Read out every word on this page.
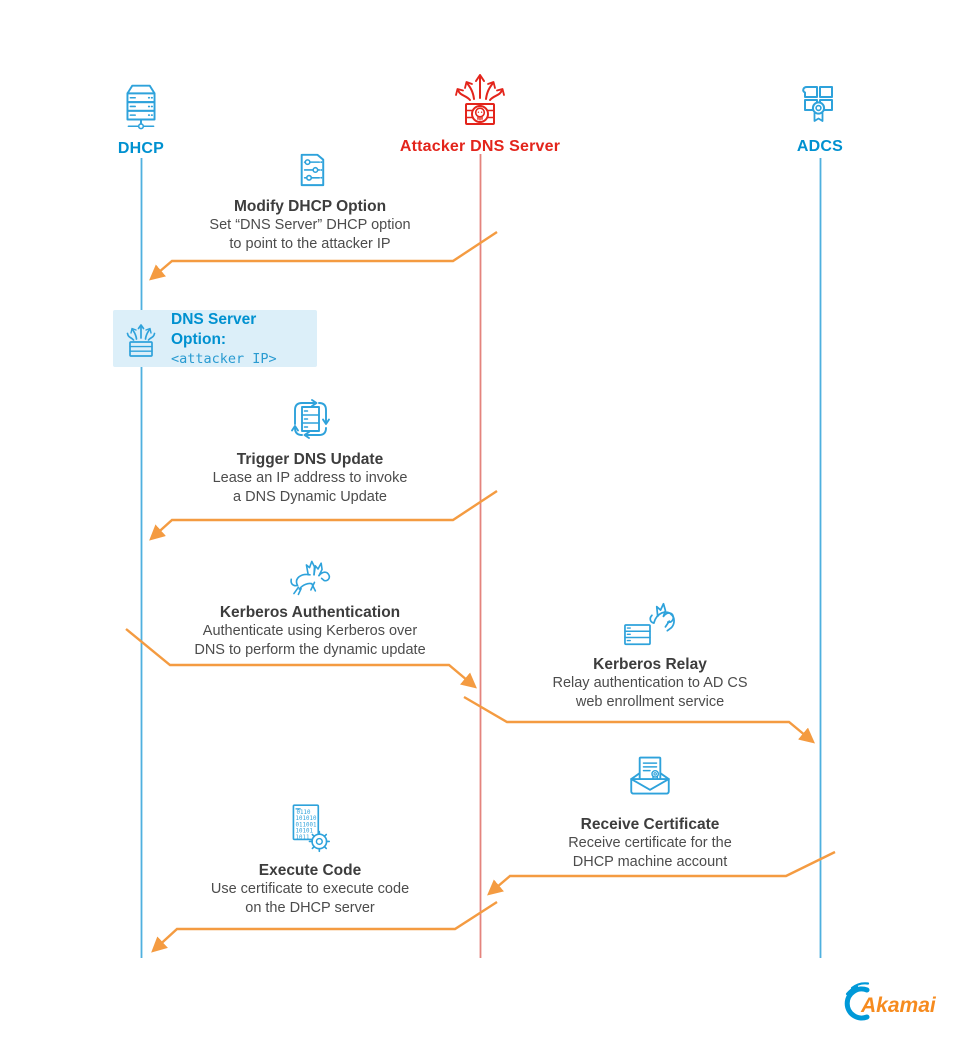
DHCP	Attacker DNS Server	ADCS
Modify DHCP Option
Set “DNS Server” DHCP option
to point to the attacker IP
DNS Server Option:
<attacker IP>
Trigger DNS Update
Lease an IP address to invoke
a DNS Dynamic Update
Kerberos Authentication
Authenticate using Kerberos over
DNS to perform the dynamic update
Kerberos Relay
Relay authentication to AD CS
web enrollment service
Receive Certificate
Receive certificate for the
DHCP machine account
0110
101010
011001
10101
1011
Execute Code
Use certificate to execute code
on the DHCP server
Akamai
